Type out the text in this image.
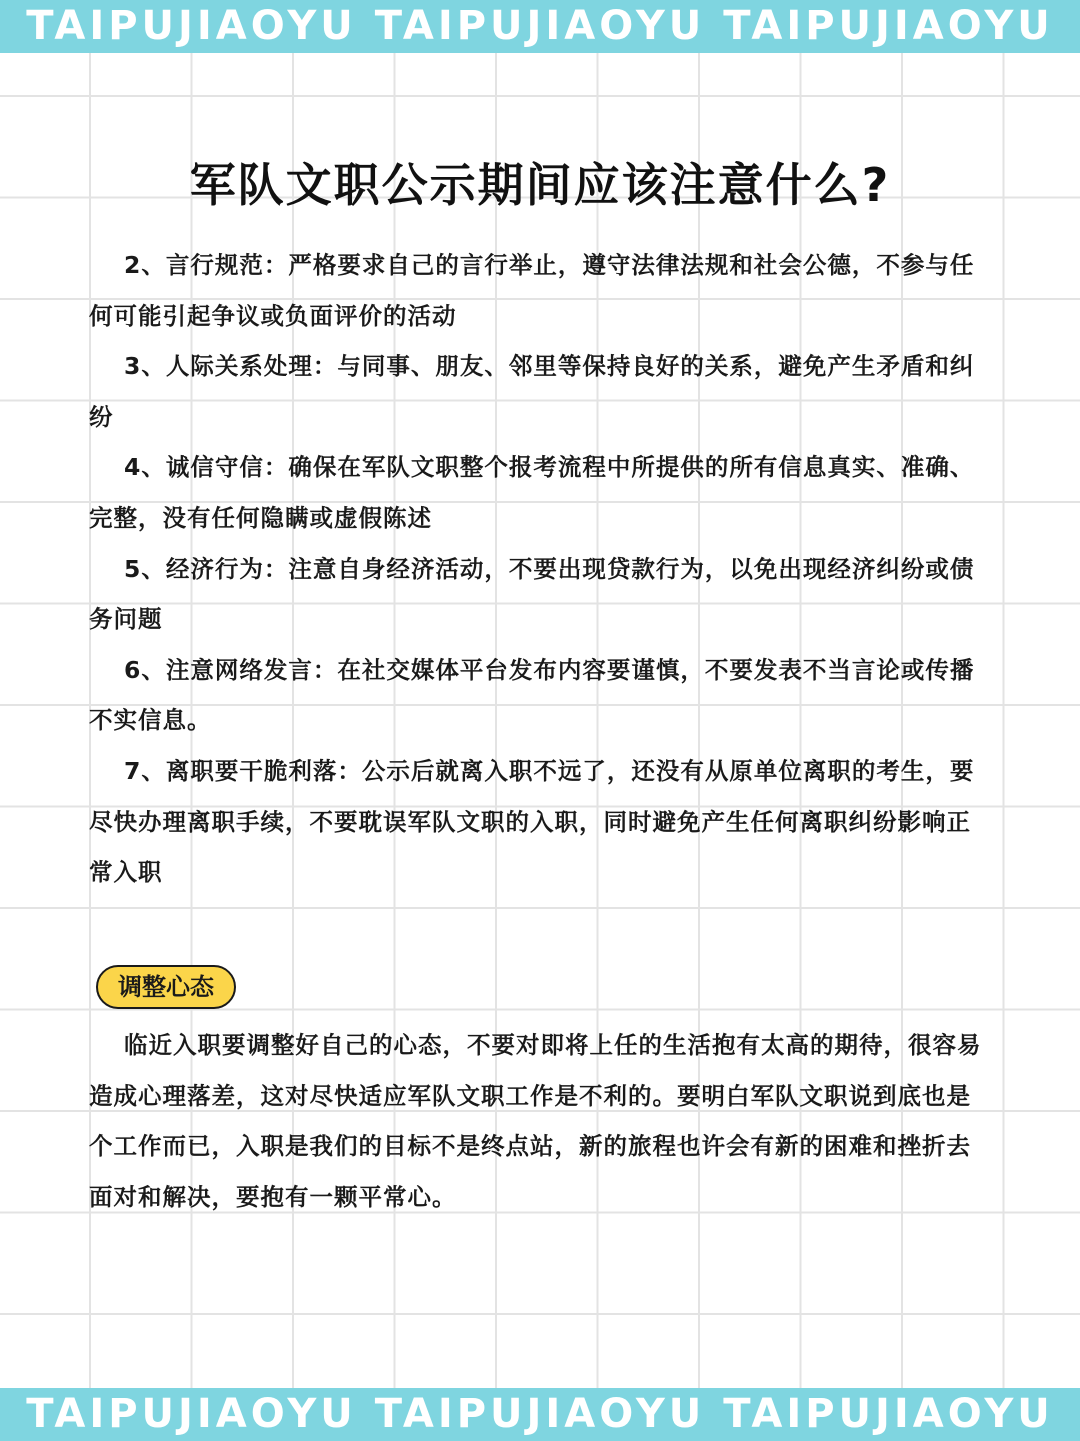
TAIPUJIAOYU TAIPUJIAOYU TAIPUJIAOYU
军队文职公示期间应该注意什么?

2、言行规范：严格要求自己的言行举止，遵守法律法规和社会公德，不参与任何可能引起争议或负面评价的活动

3、人际关系处理：与同事、朋友、邻里等保持良好的关系，避免产生矛盾和纠纷

4、诚信守信：确保在军队文职整个报考流程中所提供的所有信息真实、准确、完整，没有任何隐瞒或虚假陈述

5、经济行为：注意自身经济活动，不要出现贷款行为，以免出现经济纠纷或债务问题

6、注意网络发言：在社交媒体平台发布内容要谨慎，不要发表不当言论或传播不实信息。

7、离职要干脆利落：公示后就离入职不远了，还没有从原单位离职的考生，要尽快办理离职手续，不要耽误军队文职的入职，同时避免产生任何离职纠纷影响正常入职

调整心态

临近入职要调整好自己的心态，不要对即将上任的生活抱有太高的期待，很容易造成心理落差，这对尽快适应军队文职工作是不利的。要明白军队文职说到底也是个工作而已，入职是我们的目标不是终点站，新的旅程也许会有新的困难和挫折去面对和解决，要抱有一颗平常心。

TAIPUJIAOYU TAIPUJIAOYU TAIPUJIAOYU
